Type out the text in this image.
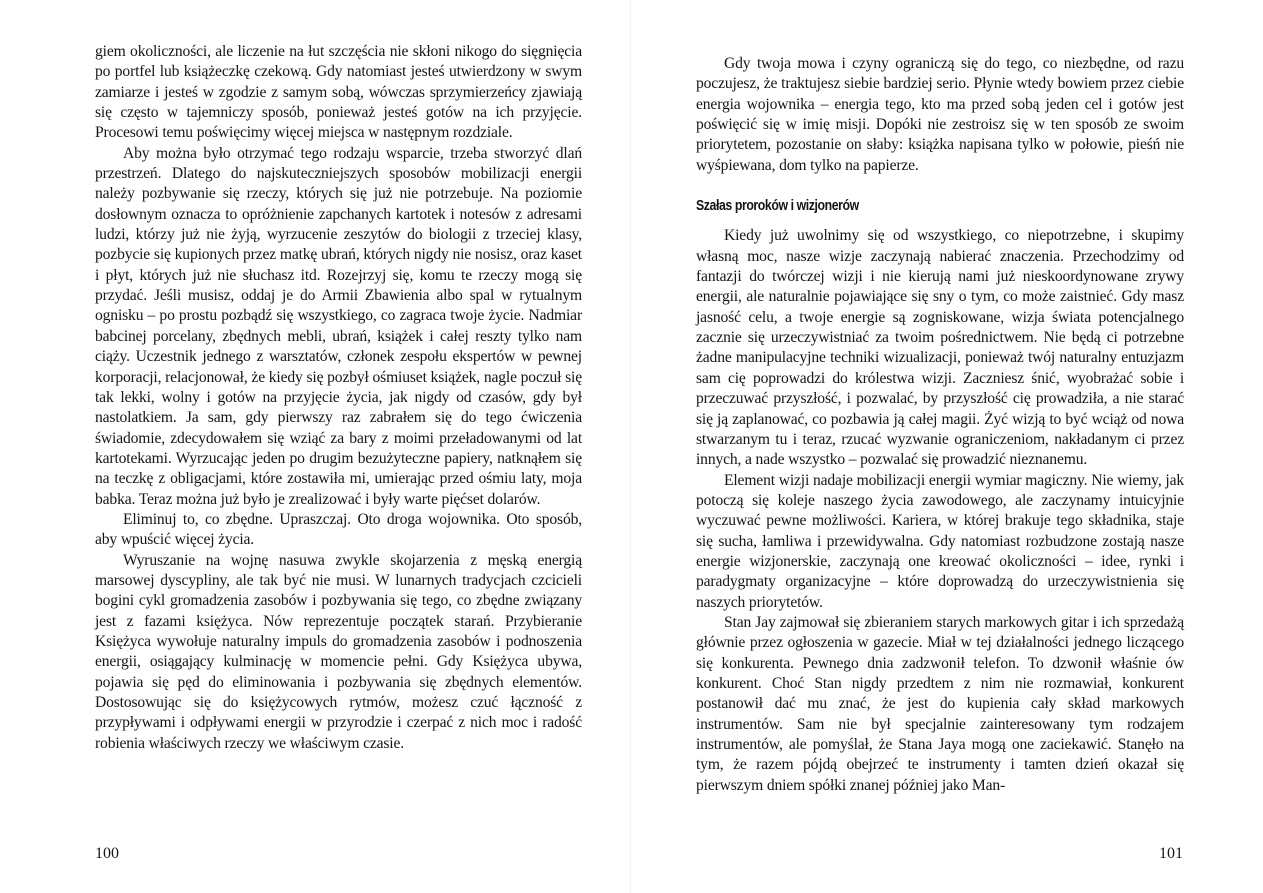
giem okoliczności, ale liczenie na łut szczęścia nie skłoni nikogo do sięgnięcia po portfel lub książeczkę czekową. Gdy natomiast jesteś utwierdzony w swym zamiarze i jesteś w zgodzie z samym sobą, wówczas sprzymierzeńcy zjawiają się często w tajemniczy sposób, ponieważ jesteś gotów na ich przyjęcie. Procesowi temu poświęcimy więcej miejsca w następnym rozdziale.

Aby można było otrzymać tego rodzaju wsparcie, trzeba stworzyć dlań przestrzeń. Dlatego do najskuteczniejszych sposobów mobilizacji energii należy pozbywanie się rzeczy, których się już nie potrzebuje. Na poziomie dosłownym oznacza to opróżnienie zapchanych kartotek i notesów z adresami ludzi, którzy już nie żyją, wyrzucenie zeszytów do biologii z trzeciej klasy, pozbycie się kupionych przez matkę ubrań, których nigdy nie nosisz, oraz kaset i płyt, których już nie słuchasz itd. Rozejrzyj się, komu te rzeczy mogą się przydać. Jeśli musisz, oddaj je do Armii Zbawienia albo spal w rytualnym ognisku – po prostu pozbądź się wszystkiego, co zagraca twoje życie. Nadmiar babcinej porcelany, zbędnych mebli, ubrań, książek i całej reszty tylko nam ciąży. Uczestnik jednego z warsztatów, członek zespołu ekspertów w pewnej korporacji, relacjonował, że kiedy się pozbył ośmiuset książek, nagle poczuł się tak lekki, wolny i gotów na przyjęcie życia, jak nigdy od czasów, gdy był nastolatkiem. Ja sam, gdy pierwszy raz zabrałem się do tego ćwiczenia świadomie, zdecydowałem się wziąć za bary z moimi przeładowanymi od lat kartotekami. Wyrzucając jeden po drugim bezużyteczne papiery, natknąłem się na teczkę z obligacjami, które zostawiła mi, umierając przed ośmiu laty, moja babka. Teraz można już było je zrealizować i były warte pięćset dolarów.

Eliminuj to, co zbędne. Upraszczaj. Oto droga wojownika. Oto sposób, aby wpuścić więcej życia.

Wyruszanie na wojnę nasuwa zwykle skojarzenia z męską energią marsowej dyscypliny, ale tak być nie musi. W lunarnych tradycjach czcicieli bogini cykl gromadzenia zasobów i pozbywania się tego, co zbędne związany jest z fazami księżyca. Nów reprezentuje początek starań. Przybieranie Księżyca wywołuje naturalny impuls do gromadzenia zasobów i podnoszenia energii, osiągający kulminację w momencie pełni. Gdy Księżyca ubywa, pojawia się pęd do eliminowania i pozbywania się zbędnych elementów. Dostosowując się do księżycowych rytmów, możesz czuć łączność z przypływami i odpływami energii w przyrodzie i czerpać z nich moc i radość robienia właściwych rzeczy we właściwym czasie.

100

Gdy twoja mowa i czyny ograniczą się do tego, co niezbędne, od razu poczujesz, że traktujesz siebie bardziej serio. Płynie wtedy bowiem przez ciebie energia wojownika – energia tego, kto ma przed sobą jeden cel i gotów jest poświęcić się w imię misji. Dopóki nie zestroisz się w ten sposób ze swoim priorytetem, pozostanie on słaby: książka napisana tylko w połowie, pieśń nie wyśpiewana, dom tylko na papierze.

Szałas proroków i wizjonerów

Kiedy już uwolnimy się od wszystkiego, co niepotrzebne, i skupimy własną moc, nasze wizje zaczynają nabierać znaczenia. Przechodzimy od fantazji do twórczej wizji i nie kierują nami już nieskoordynowane zrywy energii, ale naturalnie pojawiające się sny o tym, co może zaistnieć. Gdy masz jasność celu, a twoje energie są zogniskowane, wizja świata potencjalnego zacznie się urzeczywistniać za twoim pośrednictwem. Nie będą ci potrzebne żadne manipulacyjne techniki wizualizacji, ponieważ twój naturalny entuzjazm sam cię poprowadzi do królestwa wizji. Zaczniesz śnić, wyobrażać sobie i przeczuwać przyszłość, i pozwalać, by przyszłość cię prowadziła, a nie starać się ją zaplanować, co pozbawia ją całej magii. Żyć wizją to być wciąż od nowa stwarzanym tu i teraz, rzucać wyzwanie ograniczeniom, nakładanym ci przez innych, a nade wszystko – pozwalać się prowadzić nieznanemu.

Element wizji nadaje mobilizacji energii wymiar magiczny. Nie wiemy, jak potoczą się koleje naszego życia zawodowego, ale zaczynamy intuicyjnie wyczuwać pewne możliwości. Kariera, w której brakuje tego składnika, staje się sucha, łamliwa i przewidywalna. Gdy natomiast rozbudzone zostają nasze energie wizjonerskie, zaczynają one kreować okoliczności – idee, rynki i paradygmaty organizacyjne – które doprowadzą do urzeczywistnienia się naszych priorytetów.

Stan Jay zajmował się zbieraniem starych markowych gitar i ich sprzedażą głównie przez ogłoszenia w gazecie. Miał w tej działalności jednego liczącego się konkurenta. Pewnego dnia zadzwonił telefon. To dzwonił właśnie ów konkurent. Choć Stan nigdy przedtem z nim nie rozmawiał, konkurent postanowił dać mu znać, że jest do kupienia cały skład markowych instrumentów. Sam nie był specjalnie zainteresowany tym rodzajem instrumentów, ale pomyślał, że Stana Jaya mogą one zaciekawić. Stanęło na tym, że razem pójdą obejrzeć te instrumenty i tamten dzień okazał się pierwszym dniem spółki znanej później jako Man-

101
